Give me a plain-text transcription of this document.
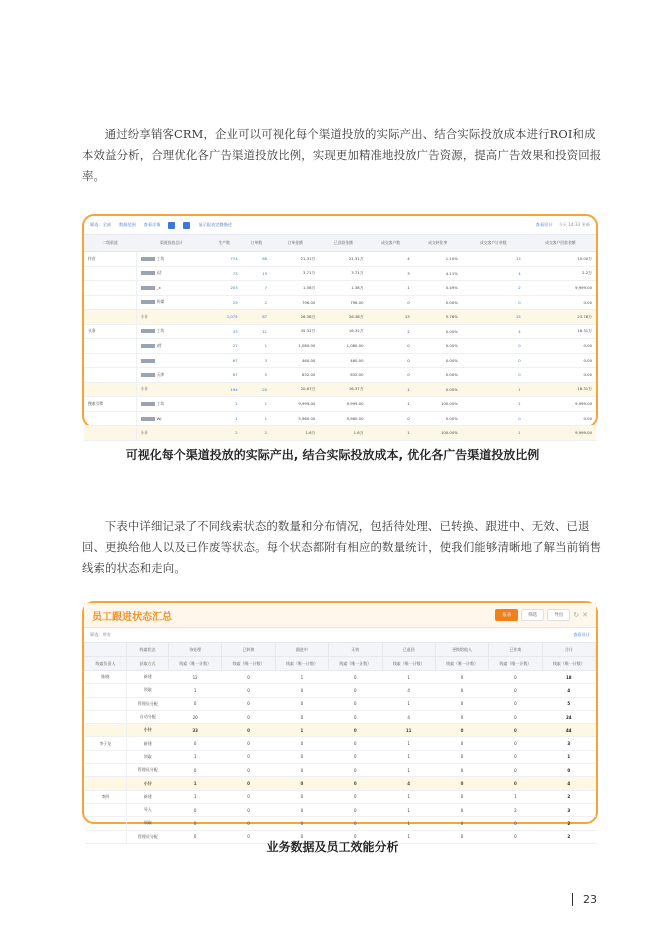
通过纷享销客CRM，企业可以可视化每个渠道投放的实际产出、结合实际投放成本进行ROI和成本效益分析，合理优化各广告渠道投放比例，实现更加精准地投放广告资源，提高广告效果和投资回报率。

筛选：全部 数据范围 查看详情	显示报表完整描述	查看设计 今天 14:33 更新
二级渠道	渠道投放总计	生产数	订单数	订单金额	已回款金额	成交客户数	成交转化率	成交客户订单数	成交客户回款金额
抖音	工坊	774	68	21.31万	21.31万	4	1.10%	13	15.00万
	J话	73	15	3.71万	3.71万	3	4.11%	4	2.2万
	_x	203	7	1.38万	1.38万	1	0.49%	2	9,999.00
	传媒	25	2	796.00	796.00	0	0.00%	0	0.00
	小计	1,075	87	26.38万	26.38万	13	5.76%	15	23.78万
头条	工坊	33	11	35.32万	16.32万	2	0.00%	4	16.31万
	J营	27	1	1,080.00	1,080.00	0	0.00%	0	0.00
		67	3	460.00	460.00	0	0.00%	0	0.00
	天津	67	5	632.00	632.00	0	0.00%	0	0.00
	小计	194	20	20.67万	16.37万	1	0.00%	1	16.31万
搜索引擎	工坊	1	1	9,999.00	9,999.00	1	100.00%	1	9,999.00
	WJ	1	1	5,960.00	5,960.00	0	0.00%	0	0.00
	小计	2	2	1.6万	1.6万	1	100.00%	1	9,999.00
可视化每个渠道投放的实际产出, 结合实际投放成本, 优化各广告渠道投放比例

下表中详细记录了不同线索状态的数量和分布情况，包括待处理、已转换、跟进中、无效、已退回、更换给他人以及已作废等状态。每个状态都附有相应的数量统计，使我们能够清晰地了解当前销售线索的状态和走向。

员工跟进状态汇总	报表	筛选	导出	↻ ✕
筛选：所有	查看设计
	线索状态	待处理	已转换	跟进中	无效	已退回	更换给他人	已作废	合计
线索负责人	获取方式	线索（唯一计数）	线索（唯一计数）	线索（唯一计数）	线索（唯一计数）	线索（唯一计数）	线索（唯一计数）	线索（唯一计数）	线索（唯一计数）
陈晓	新建	12	0	1	0	1	0	0	18
	领取	1	0	0	0	4	0	0	4
	管理员分配	0	0	0	0	1	0	0	5
	自动分配	20	0	0	0	4	0	0	24
	小计	33	0	1	0	11	0	0	44
李子龙	新建	0	0	0	0	1	0	0	3
	领取	1	0	0	0	1	0	0	1
	管理员分配	0	0	0	0	1	0	0	0
	小计	1	0	0	0	4	0	0	4
李四	新建	1	0	0	0	1	0	1	2
	导入	0	0	0	0	1	0	2	3
	领取	0	0	0	0	1	0	0	2
	管理员分配	0	0	0	0	1	0	0	2
业务数据及员工效能分析
23
